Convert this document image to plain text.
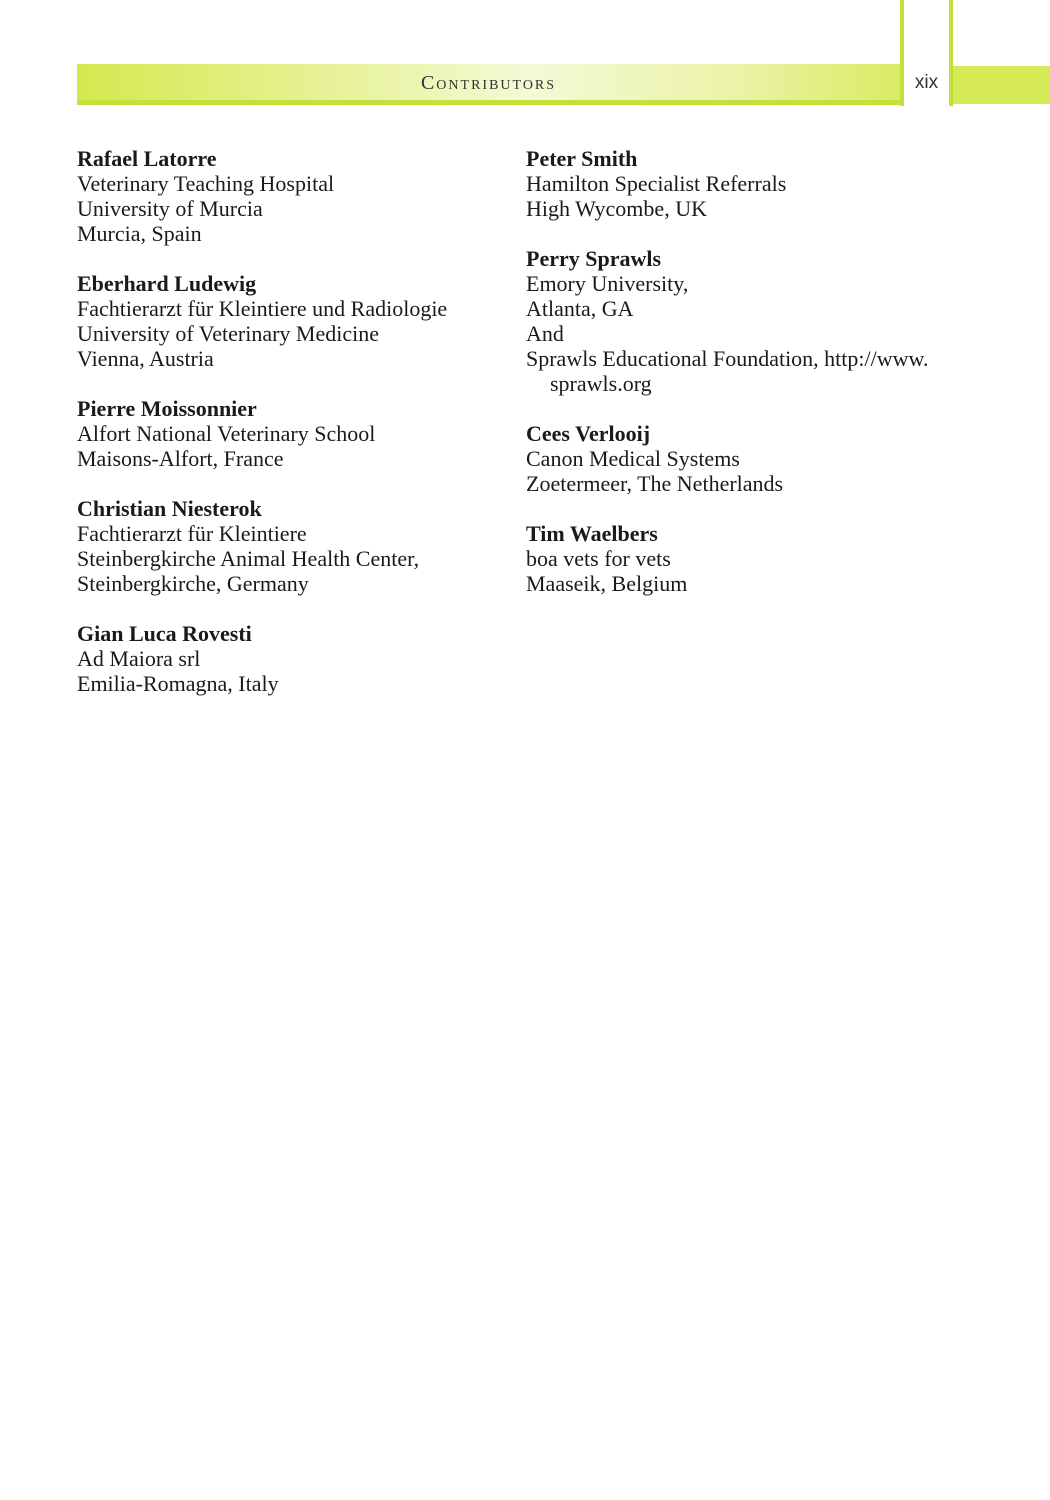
Contributors	xix
Rafael Latorre
Veterinary Teaching Hospital
University of Murcia
Murcia, Spain
Eberhard Ludewig
Fachtierarzt für Kleintiere und Radiologie
University of Veterinary Medicine
Vienna, Austria
Pierre Moissonnier
Alfort National Veterinary School
Maisons-Alfort, France
Christian Niesterok
Fachtierarzt für Kleintiere
Steinbergkirche Animal Health Center,
Steinbergkirche, Germany
Gian Luca Rovesti
Ad Maiora srl
Emilia-Romagna, Italy
Peter Smith
Hamilton Specialist Referrals
High Wycombe, UK
Perry Sprawls
Emory University,
Atlanta, GA
And
Sprawls Educational Foundation, http://www.
sprawls.org
Cees Verlooij
Canon Medical Systems
Zoetermeer, The Netherlands
Tim Waelbers
boa vets for vets
Maaseik, Belgium
